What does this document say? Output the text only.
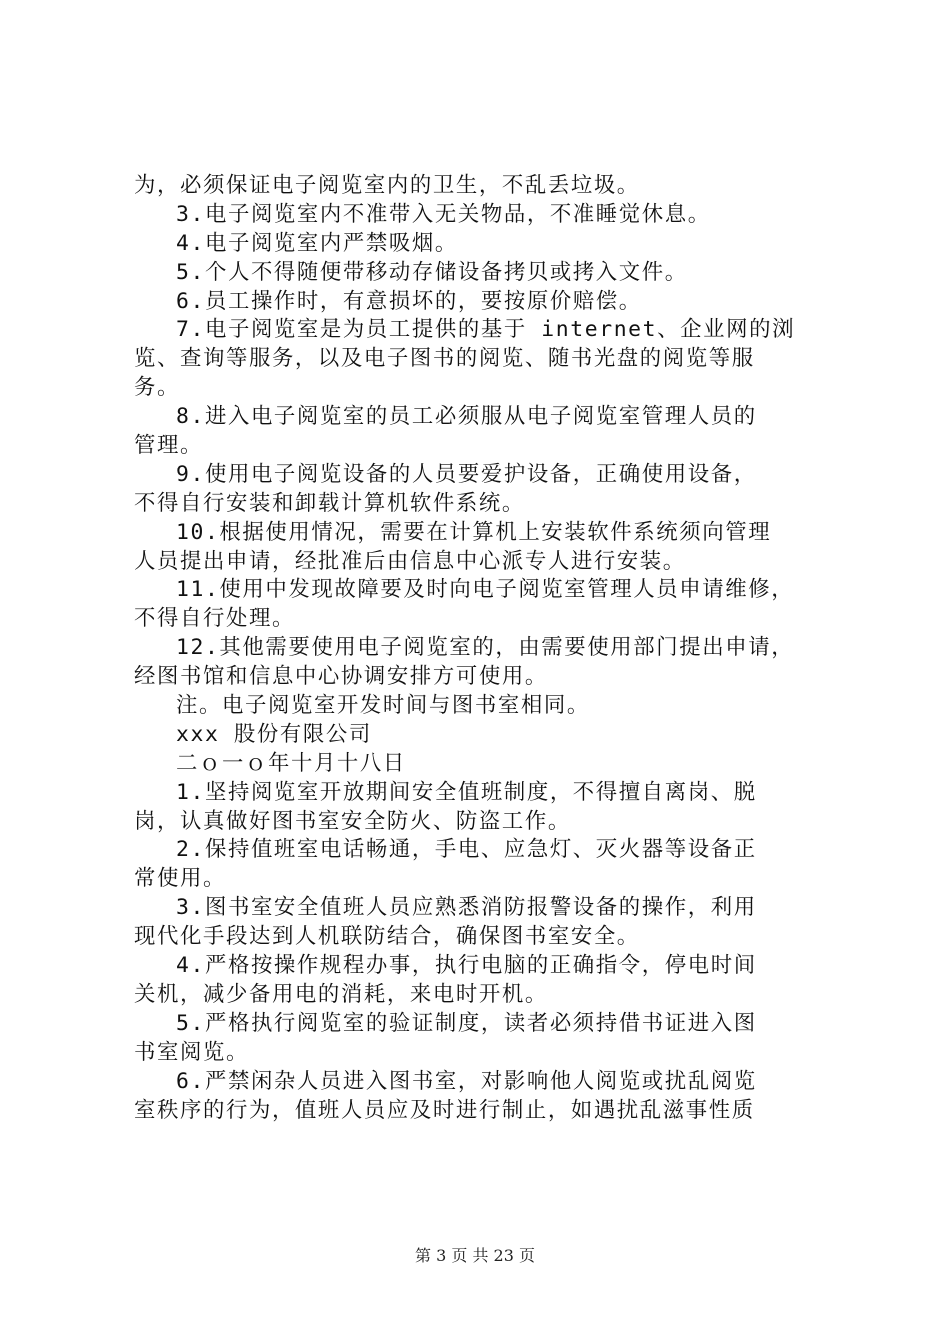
为，必须保证电子阅览室内的卫生，不乱丢垃圾。
3.电子阅览室内不准带入无关物品，不准睡觉休息。
4.电子阅览室内严禁吸烟。
5.个人不得随便带移动存储设备拷贝或拷入文件。
6.员工操作时，有意损坏的，要按原价赔偿。
7.电子阅览室是为员工提供的基于 internet、企业网的浏
览、查询等服务，以及电子图书的阅览、随书光盘的阅览等服
务。
8.进入电子阅览室的员工必须服从电子阅览室管理人员的
管理。
9.使用电子阅览设备的人员要爱护设备，正确使用设备，
不得自行安装和卸载计算机软件系统。
10.根据使用情况，需要在计算机上安装软件系统须向管理
人员提出申请，经批准后由信息中心派专人进行安装。
11.使用中发现故障要及时向电子阅览室管理人员申请维修，
不得自行处理。
12.其他需要使用电子阅览室的，由需要使用部门提出申请，
经图书馆和信息中心协调安排方可使用。
注。电子阅览室开发时间与图书室相同。
xxx 股份有限公司
二ｏ一ｏ年十月十八日
1.坚持阅览室开放期间安全值班制度，不得擅自离岗、脱
岗，认真做好图书室安全防火、防盗工作。
2.保持值班室电话畅通，手电、应急灯、灭火器等设备正
常使用。
3.图书室安全值班人员应熟悉消防报警设备的操作，利用
现代化手段达到人机联防结合，确保图书室安全。
4.严格按操作规程办事，执行电脑的正确指令，停电时间
关机，减少备用电的消耗，来电时开机。
5.严格执行阅览室的验证制度，读者必须持借书证进入图
书室阅览。
6.严禁闲杂人员进入图书室，对影响他人阅览或扰乱阅览
室秩序的行为，值班人员应及时进行制止，如遇扰乱滋事性质
第 3 页 共 23 页
